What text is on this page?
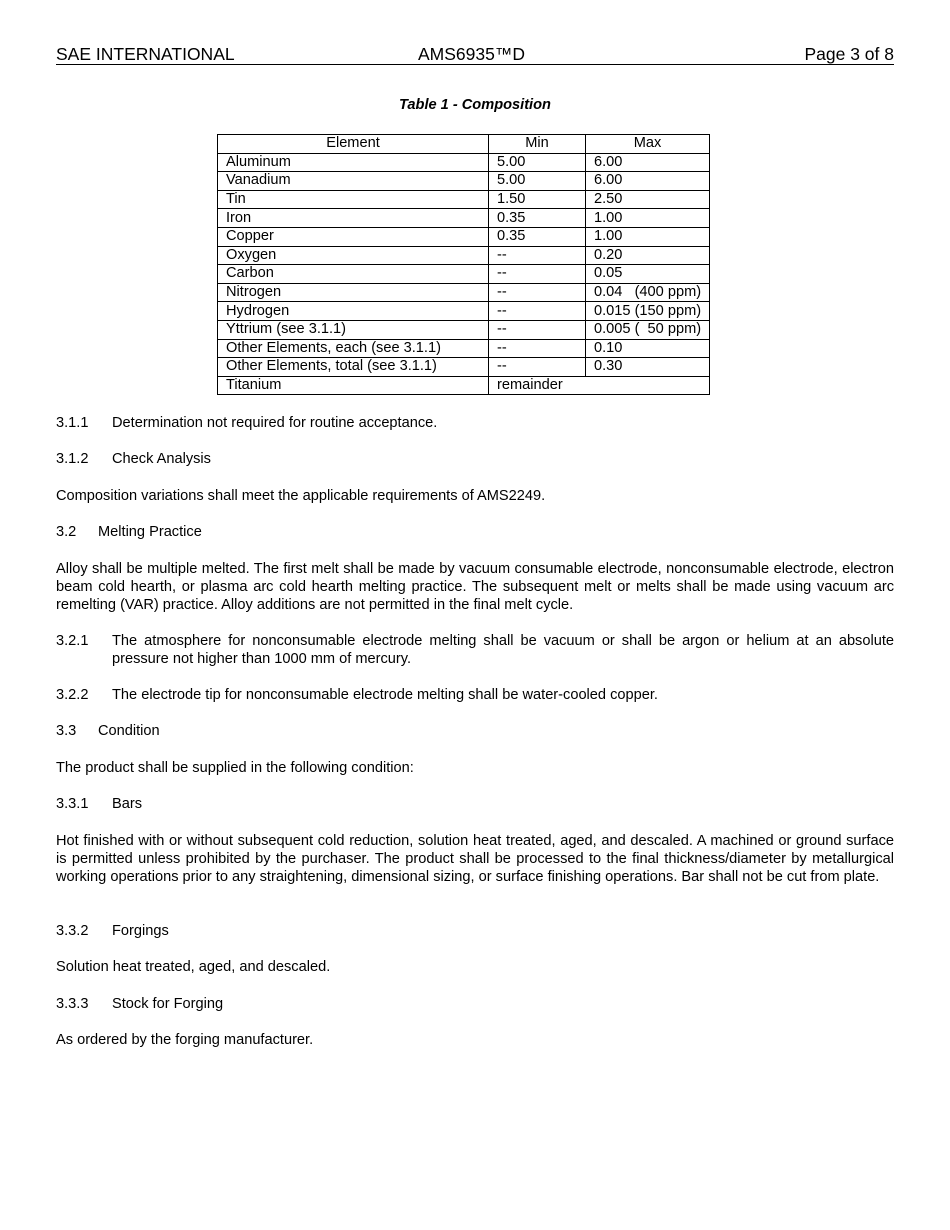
SAE INTERNATIONAL	AMS6935™D	Page 3 of 8
Table 1 - Composition
Element	Min	Max
Aluminum	5.00	6.00
Vanadium	5.00	6.00
Tin	1.50	2.50
Iron	0.35	1.00
Copper	0.35	1.00
Oxygen	--	0.20
Carbon	--	0.05
Nitrogen	--	0.04   (400 ppm)
Hydrogen	--	0.015 (150 ppm)
Yttrium (see 3.1.1)	--	0.005 (  50 ppm)
Other Elements, each (see 3.1.1)	--	0.10
Other Elements, total (see 3.1.1)	--	0.30
Titanium	remainder	
3.1.1 Determination not required for routine acceptance.
3.1.2 Check Analysis
Composition variations shall meet the applicable requirements of AMS2249.
3.2 Melting Practice
Alloy shall be multiple melted. The first melt shall be made by vacuum consumable electrode, nonconsumable electrode, electron beam cold hearth, or plasma arc cold hearth melting practice. The subsequent melt or melts shall be made using vacuum arc remelting (VAR) practice. Alloy additions are not permitted in the final melt cycle.
3.2.1 The atmosphere for nonconsumable electrode melting shall be vacuum or shall be argon or helium at an absolute pressure not higher than 1000 mm of mercury.
3.2.2 The electrode tip for nonconsumable electrode melting shall be water-cooled copper.
3.3 Condition
The product shall be supplied in the following condition:
3.3.1 Bars
Hot finished with or without subsequent cold reduction, solution heat treated, aged, and descaled. A machined or ground surface is permitted unless prohibited by the purchaser. The product shall be processed to the final thickness/diameter by metallurgical working operations prior to any straightening, dimensional sizing, or surface finishing operations. Bar shall not be cut from plate.
3.3.2 Forgings
Solution heat treated, aged, and descaled.
3.3.3 Stock for Forging
As ordered by the forging manufacturer.
